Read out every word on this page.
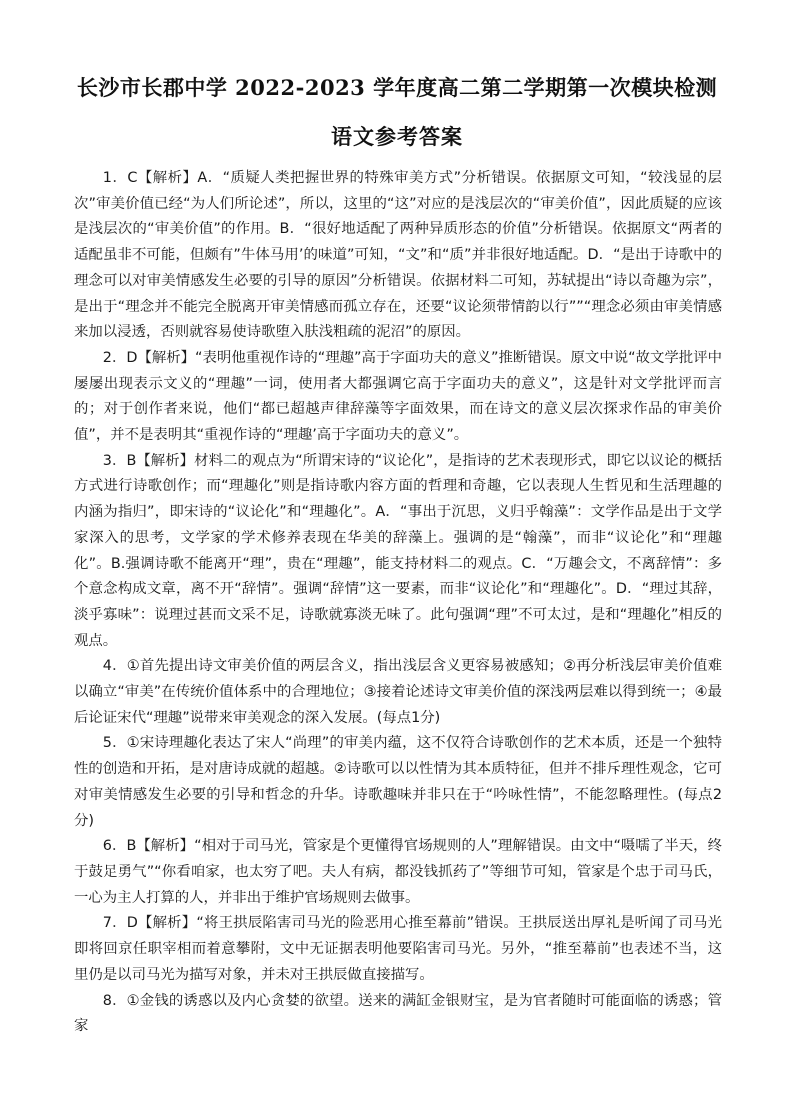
长沙市长郡中学 2022-2023 学年度高二第二学期第一次模块检测
语文参考答案

1．C【解析】A．“质疑人类把握世界的特殊审美方式”分析错误。依据原文可知，“较浅显的层次”审美价值已经“为人们所论述”，所以，这里的“这”对应的是浅层次的“审美价值”，因此质疑的应该是浅层次的“审美价值”的作用。B．“很好地适配了两种异质形态的价值”分析错误。依据原文“两者的适配虽非不可能，但颇有”牛体马用’的味道”可知，“文”和“质”并非很好地适配。D．“是出于诗歌中的理念可以对审美情感发生必要的引导的原因”分析错误。依据材料二可知，苏轼提出“诗以奇趣为宗”，是出于“理念并不能完全脱离开审美情感而孤立存在，还要“议论须带情韵以行””“理念必须由审美情感来加以浸透，否则就容易使诗歌堕入肤浅粗疏的泥沼”的原因。

2．D【解析】“表明他重视作诗的“理趣”高于字面功夫的意义”推断错误。原文中说“故文学批评中屡屡出现表示文义的“理趣”一词，使用者大都强调它高于字面功夫的意义”，这是针对文学批评而言的；对于创作者来说，他们“都已超越声律辞藻等字面效果，而在诗文的意义层次探求作品的审美价值”，并不是表明其“重视作诗的“理趣’高于字面功夫的意义”。

3．B【解析】材料二的观点为“所谓宋诗的“议论化”，是指诗的艺术表现形式，即它以议论的概括方式进行诗歌创作；而“理趣化”则是指诗歌内容方面的哲理和奇趣，它以表现人生哲见和生活理趣的内涵为指归”，即宋诗的“议论化”和“理趣化”。A．“事出于沉思，义归乎翰藻”：文学作品是出于文学家深入的思考，文学家的学术修养表现在华美的辞藻上。强调的是“翰藻”，而非“议论化”和“理趣化”。B.强调诗歌不能离开“理”，贵在“理趣”，能支持材料二的观点。C．“万趣会文，不离辞情”：多个意念构成文章，离不开“辞情”。强调“辞情”这一要素，而非“议论化”和“理趣化”。D．“理过其辞，淡乎寡味”：说理过甚而文采不足，诗歌就寡淡无味了。此句强调“理”不可太过，是和“理趣化”相反的观点。

4．①首先提出诗文审美价值的两层含义，指出浅层含义更容易被感知；②再分析浅层审美价值难以确立“审美”在传统价值体系中的合理地位；③接着论述诗文审美价值的深浅两层难以得到统一；④最后论证宋代“理趣”说带来审美观念的深入发展。(每点1分)

5．①宋诗理趣化表达了宋人“尚理”的审美内蕴，这不仅符合诗歌创作的艺术本质，还是一个独特性的创造和开拓，是对唐诗成就的超越。②诗歌可以以性情为其本质特征，但并不排斥理性观念，它可对审美情感发生必要的引导和哲念的升华。诗歌趣味并非只在于“吟咏性情”，不能忽略理性。(每点2分)

6．B【解析】“相对于司马光，管家是个更懂得官场规则的人”理解错误。由文中“嗫嚅了半天，终于鼓足勇气”“你看咱家，也太穷了吧。夫人有病，都没钱抓药了”等细节可知，管家是个忠于司马氏，一心为主人打算的人，并非出于维护官场规则去做事。

7．D【解析】“将王拱辰陷害司马光的险恶用心推至幕前”错误。王拱辰送出厚礼是听闻了司马光即将回京任职宰相而着意攀附，文中无证据表明他要陷害司马光。另外，“推至幕前”也表述不当，这里仍是以司马光为描写对象，并未对王拱辰做直接描写。

8．①金钱的诱惑以及内心贪婪的欲望。送来的满缸金银财宝，是为官者随时可能面临的诱惑；管家
